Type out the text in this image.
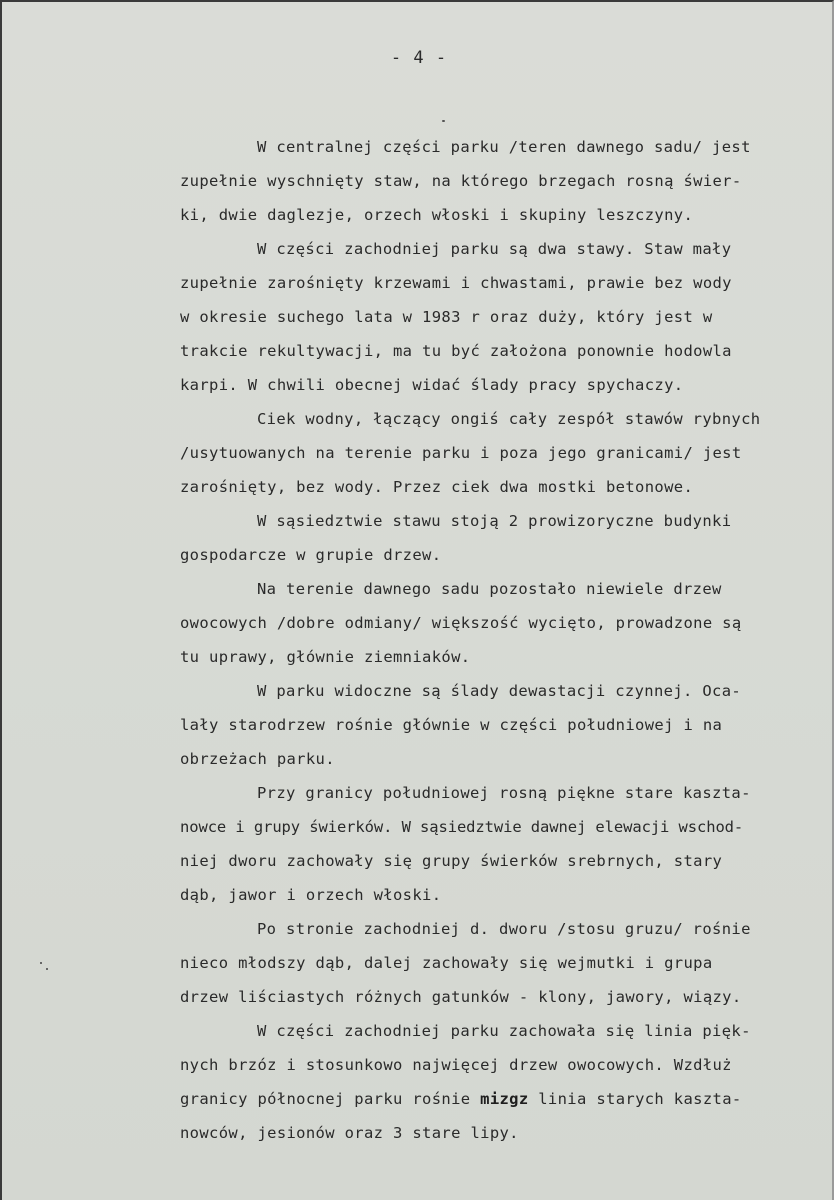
- 4 -
W centralnej części parku /teren dawnego sadu/ jest
zupełnie wyschnięty staw, na którego brzegach rosną świer-
ki, dwie daglezje, orzech włoski i skupiny leszczyny.
W części zachodniej parku są dwa stawy. Staw mały
zupełnie zarośnięty krzewami i chwastami, prawie bez wody
w okresie suchego lata w 1983 r oraz duży, który jest w
trakcie rekultywacji, ma tu być założona ponownie hodowla
karpi. W chwili obecnej widać ślady pracy spychaczy.
Ciek wodny, łączący ongiś cały zespół stawów rybnych
/usytuowanych na terenie parku i poza jego granicami/ jest
zarośnięty, bez wody. Przez ciek dwa mostki betonowe.
W sąsiedztwie stawu stoją 2 prowizoryczne budynki
gospodarcze w grupie drzew.
Na terenie dawnego sadu pozostało niewiele drzew
owocowych /dobre odmiany/ większość wycięto, prowadzone są
tu uprawy, głównie ziemniaków.
W parku widoczne są ślady dewastacji czynnej. Oca-
lały starodrzew rośnie głównie w części południowej i na
obrzeżach parku.
Przy granicy południowej rosną piękne stare kaszta-
nowce i grupy świerków. W sąsiedztwie dawnej elewacji wschod-
niej dworu zachowały się grupy świerków srebrnych, stary
dąb, jawor i orzech włoski.
Po stronie zachodniej d. dworu /stosu gruzu/ rośnie
nieco młodszy dąb, dalej zachowały się wejmutki i grupa
drzew liściastych różnych gatunków - klony, jawory, wiązy.
W części zachodniej parku zachowała się linia pięk-
nych brzóz i stosunkowo najwięcej drzew owocowych. Wzdłuż
granicy północnej parku rośnie mizgz linia starych kaszta-
nowców, jesionów oraz 3 stare lipy.
